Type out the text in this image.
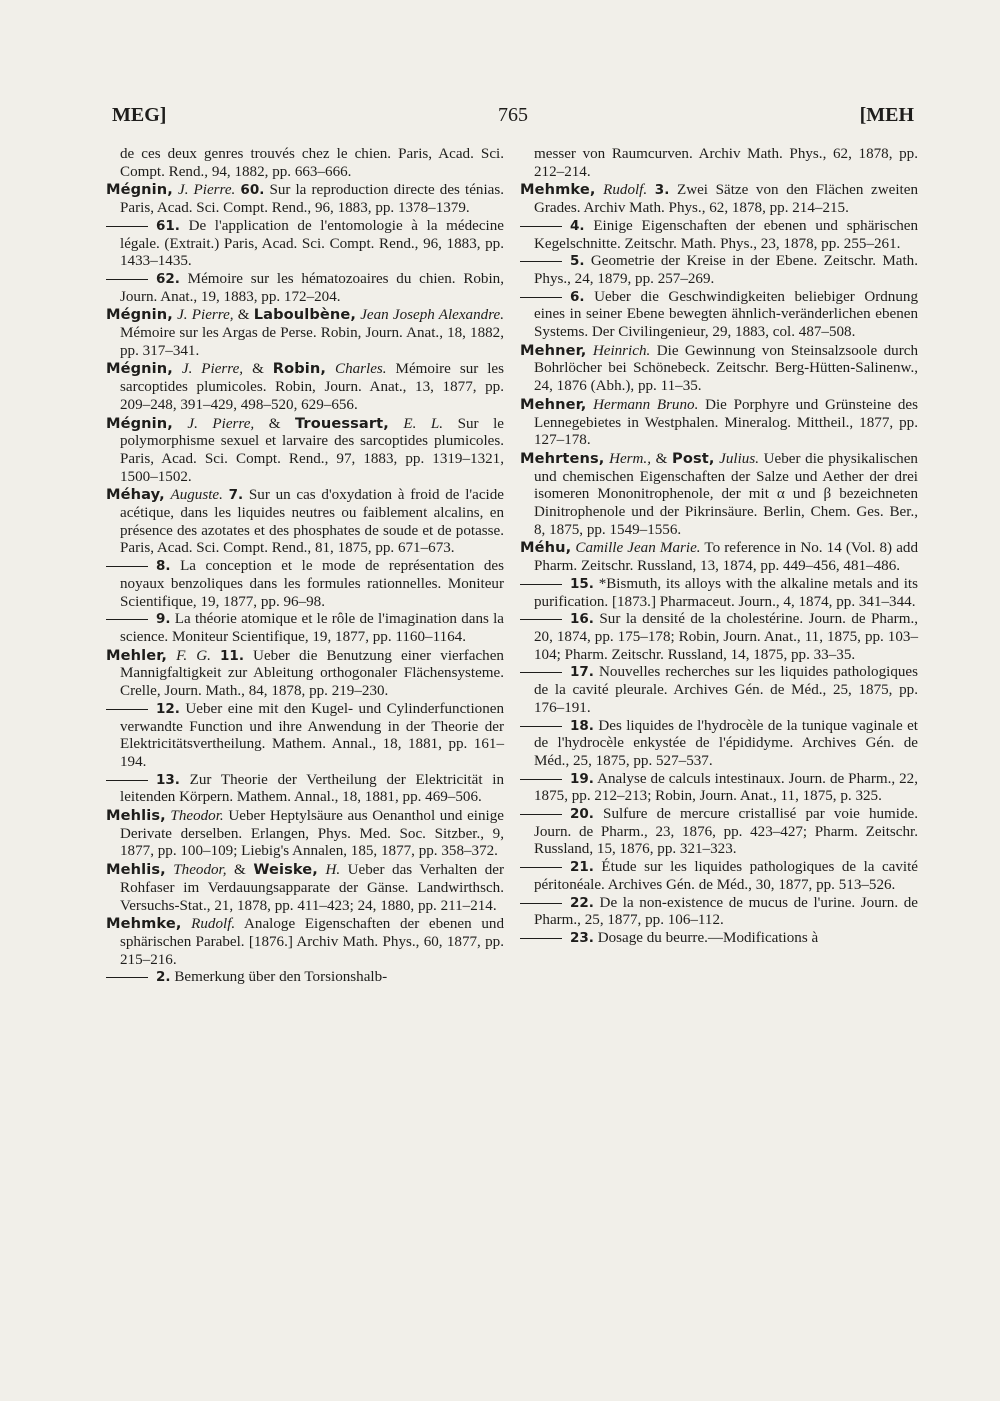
MEG]	765	[MEH

de ces deux genres trouvés chez le chien. Paris, Acad. Sci. Compt. Rend., 94, 1882, pp. 663–666.

Mégnin, J. Pierre. 60. Sur la reproduction directe des ténias. Paris, Acad. Sci. Compt. Rend., 96, 1883, pp. 1378–1379.

61. De l'application de l'entomologie à la médecine légale. (Extrait.) Paris, Acad. Sci. Compt. Rend., 96, 1883, pp. 1433–1435.

62. Mémoire sur les hématozoaires du chien. Robin, Journ. Anat., 19, 1883, pp. 172–204.

Mégnin, J. Pierre, & Laboulbène, Jean Joseph Alexandre. Mémoire sur les Argas de Perse. Robin, Journ. Anat., 18, 1882, pp. 317–341.

Mégnin, J. Pierre, & Robin, Charles. Mémoire sur les sarcoptides plumicoles. Robin, Journ. Anat., 13, 1877, pp. 209–248, 391–429, 498–520, 629–656.

Mégnin, J. Pierre, & Trouessart, E. L. Sur le polymorphisme sexuel et larvaire des sarcoptides plumicoles. Paris, Acad. Sci. Compt. Rend., 97, 1883, pp. 1319–1321, 1500–1502.

Méhay, Auguste. 7. Sur un cas d'oxydation à froid de l'acide acétique, dans les liquides neutres ou faiblement alcalins, en présence des azotates et des phosphates de soude et de potasse. Paris, Acad. Sci. Compt. Rend., 81, 1875, pp. 671–673.

8. La conception et le mode de représentation des noyaux benzoliques dans les formules rationnelles. Moniteur Scientifique, 19, 1877, pp. 96–98.

9. La théorie atomique et le rôle de l'imagination dans la science. Moniteur Scientifique, 19, 1877, pp. 1160–1164.

Mehler, F. G. 11. Ueber die Benutzung einer vierfachen Mannigfaltigkeit zur Ableitung orthogonaler Flächensysteme. Crelle, Journ. Math., 84, 1878, pp. 219–230.

12. Ueber eine mit den Kugel- und Cylinderfunctionen verwandte Function und ihre Anwendung in der Theorie der Elektricitätsvertheilung. Mathem. Annal., 18, 1881, pp. 161–194.

13. Zur Theorie der Vertheilung der Elektricität in leitenden Körpern. Mathem. Annal., 18, 1881, pp. 469–506.

Mehlis, Theodor. Ueber Heptylsäure aus Oenanthol und einige Derivate derselben. Erlangen, Phys. Med. Soc. Sitzber., 9, 1877, pp. 100–109; Liebig's Annalen, 185, 1877, pp. 358–372.

Mehlis, Theodor, & Weiske, H. Ueber das Verhalten der Rohfaser im Verdauungsapparate der Gänse. Landwirthsch. Versuchs-Stat., 21, 1878, pp. 411–423; 24, 1880, pp. 211–214.

Mehmke, Rudolf. Analoge Eigenschaften der ebenen und sphärischen Parabel. [1876.] Archiv Math. Phys., 60, 1877, pp. 215–216.

2. Bemerkung über den Torsionshalb-

messer von Raumcurven. Archiv Math. Phys., 62, 1878, pp. 212–214.

Mehmke, Rudolf. 3. Zwei Sätze von den Flächen zweiten Grades. Archiv Math. Phys., 62, 1878, pp. 214–215.

4. Einige Eigenschaften der ebenen und sphärischen Kegelschnitte. Zeitschr. Math. Phys., 23, 1878, pp. 255–261.

5. Geometrie der Kreise in der Ebene. Zeitschr. Math. Phys., 24, 1879, pp. 257–269.

6. Ueber die Geschwindigkeiten beliebiger Ordnung eines in seiner Ebene bewegten ähnlich-veränderlichen ebenen Systems. Der Civilingenieur, 29, 1883, col. 487–508.

Mehner, Heinrich. Die Gewinnung von Steinsalzsoole durch Bohrlöcher bei Schönebeck. Zeitschr. Berg-Hütten-Salinenw., 24, 1876 (Abh.), pp. 11–35.

Mehner, Hermann Bruno. Die Porphyre und Grünsteine des Lennegebietes in Westphalen. Mineralog. Mittheil., 1877, pp. 127–178.

Mehrtens, Herm., & Post, Julius. Ueber die physikalischen und chemischen Eigenschaften der Salze und Aether der drei isomeren Mononitrophenole, der mit α und β bezeichneten Dinitrophenole und der Pikrinsäure. Berlin, Chem. Ges. Ber., 8, 1875, pp. 1549–1556.

Méhu, Camille Jean Marie. To reference in No. 14 (Vol. 8) add Pharm. Zeitschr. Russland, 13, 1874, pp. 449–456, 481–486.

15. *Bismuth, its alloys with the alkaline metals and its purification. [1873.] Pharmaceut. Journ., 4, 1874, pp. 341–344.

16. Sur la densité de la cholestérine. Journ. de Pharm., 20, 1874, pp. 175–178; Robin, Journ. Anat., 11, 1875, pp. 103–104; Pharm. Zeitschr. Russland, 14, 1875, pp. 33–35.

17. Nouvelles recherches sur les liquides pathologiques de la cavité pleurale. Archives Gén. de Méd., 25, 1875, pp. 176–191.

18. Des liquides de l'hydrocèle de la tunique vaginale et de l'hydrocèle enkystée de l'épididyme. Archives Gén. de Méd., 25, 1875, pp. 527–537.

19. Analyse de calculs intestinaux. Journ. de Pharm., 22, 1875, pp. 212–213; Robin, Journ. Anat., 11, 1875, p. 325.

20. Sulfure de mercure cristallisé par voie humide. Journ. de Pharm., 23, 1876, pp. 423–427; Pharm. Zeitschr. Russland, 15, 1876, pp. 321–323.

21. Étude sur les liquides pathologiques de la cavité péritonéale. Archives Gén. de Méd., 30, 1877, pp. 513–526.

22. De la non-existence de mucus de l'urine. Journ. de Pharm., 25, 1877, pp. 106–112.

23. Dosage du beurre.—Modifications à
